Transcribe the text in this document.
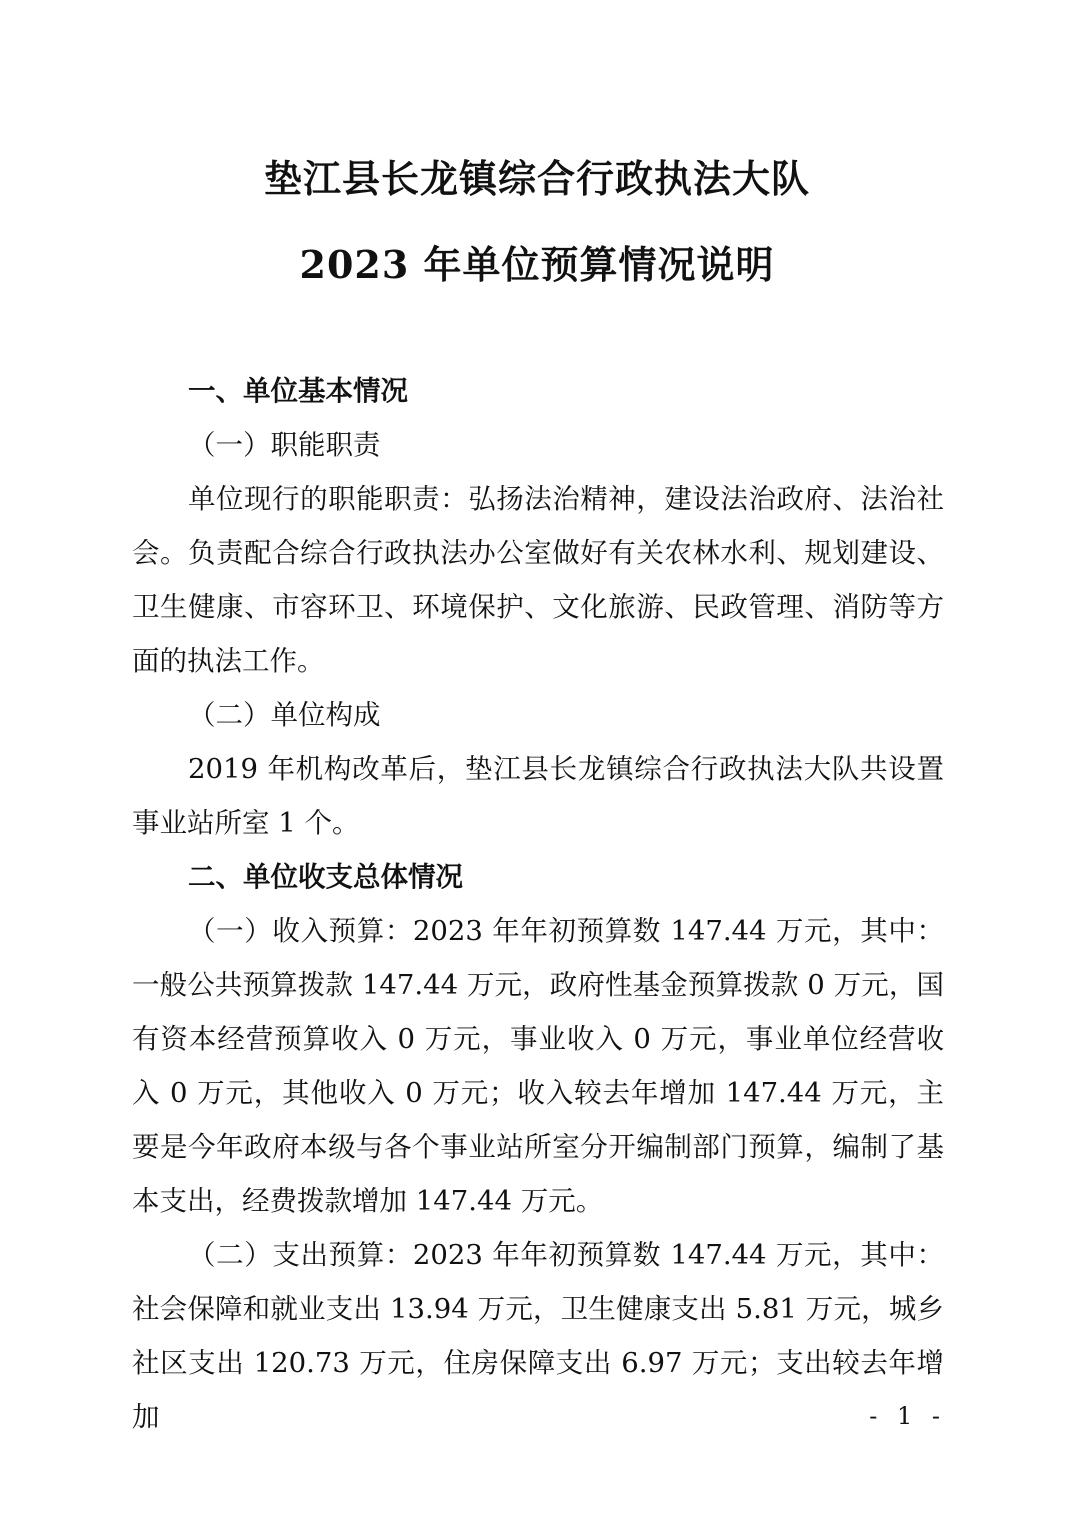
垫江县长龙镇综合行政执法大队
2023 年单位预算情况说明

一、单位基本情况

（一）职能职责

单位现行的职能职责：弘扬法治精神，建设法治政府、法治社会。负责配合综合行政执法办公室做好有关农林水利、规划建设、卫生健康、市容环卫、环境保护、文化旅游、民政管理、消防等方面的执法工作。

（二）单位构成

2019 年机构改革后，垫江县长龙镇综合行政执法大队共设置事业站所室 1 个。

二、单位收支总体情况

（一）收入预算：2023 年年初预算数 147.44 万元，其中：一般公共预算拨款 147.44 万元，政府性基金预算拨款 0 万元，国有资本经营预算收入 0 万元，事业收入 0 万元，事业单位经营收入 0 万元，其他收入 0 万元；收入较去年增加 147.44 万元，主要是今年政府本级与各个事业站所室分开编制部门预算，编制了基本支出，经费拨款增加 147.44 万元。

（二）支出预算：2023 年年初预算数 147.44 万元，其中：社会保障和就业支出 13.94 万元，卫生健康支出 5.81 万元，城乡社区支出 120.73 万元，住房保障支出 6.97 万元；支出较去年增加	- 1 -
